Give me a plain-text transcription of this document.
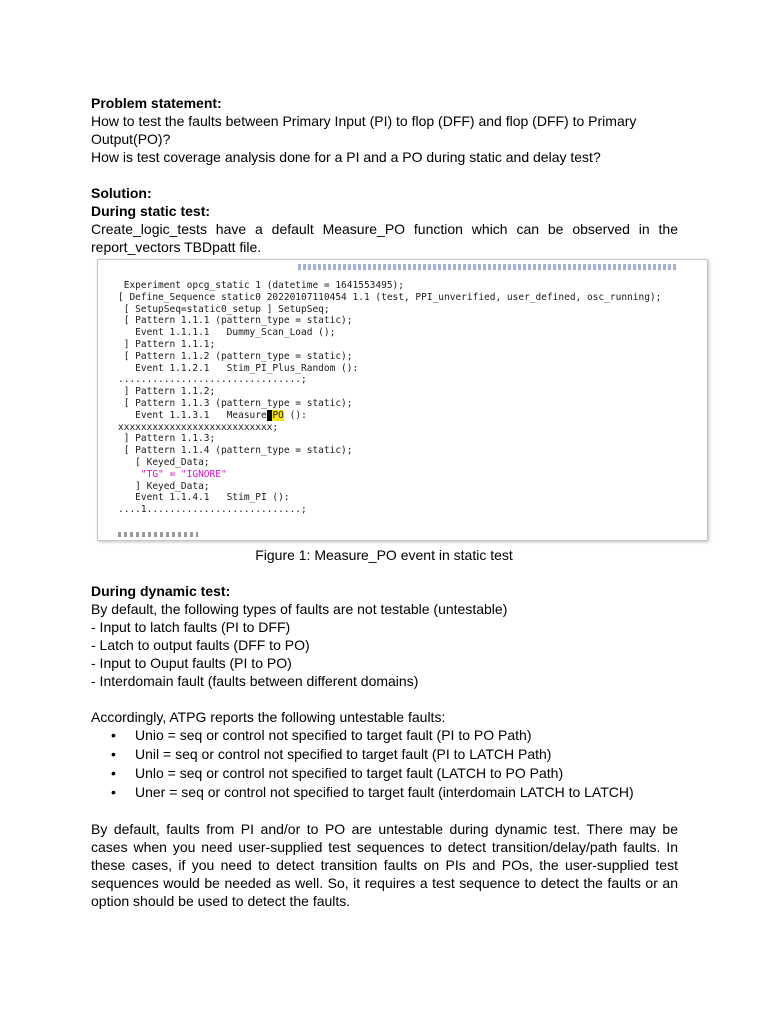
Problem statement:

How to test the faults between Primary Input (PI) to flop (DFF) and flop (DFF) to Primary Output(PO)?

How is test coverage analysis done for a PI and a PO during static and delay test?

Solution:

During static test:

Create_logic_tests have a default Measure_PO function which can be observed in the report_vectors TBDpatt file.

Experiment opcg_static 1 (datetime = 1641553495);
[ Define_Sequence static0 20220107110454 1.1 (test, PPI_unverified, user_defined, osc_running);
[ SetupSeq=static0_setup ] SetupSeq;
[ Pattern 1.1.1 (pattern_type = static);
Event 1.1.1.1   Dummy_Scan_Load ();
] Pattern 1.1.1;
[ Pattern 1.1.2 (pattern_type = static);
Event 1.1.2.1   Stim_PI_Plus_Random ():
................................;
] Pattern 1.1.2;
[ Pattern 1.1.3 (pattern_type = static);
Event 1.1.3.1   Measure_PO ():
xxxxxxxxxxxxxxxxxxxxxxxxxxx;
] Pattern 1.1.3;
[ Pattern 1.1.4 (pattern_type = static);
[ Keyed_Data;
"TG" = "IGNORE"
] Keyed_Data;
Event 1.1.4.1   Stim_PI ():
....1...........................;
Figure 1: Measure_PO event in static test

During dynamic test:

By default, the following types of faults are not testable (untestable)

- Input to latch faults (PI to DFF)

- Latch to output faults (DFF to PO)

- Input to Ouput faults (PI to PO)

- Interdomain fault (faults between different domains)

Accordingly, ATPG reports the following untestable faults:

• Unio = seq or control not specified to target fault (PI to PO Path)
• Unil = seq or control not specified to target fault (PI to LATCH Path)
• Unlo = seq or control not specified to target fault (LATCH to PO Path)
• Uner = seq or control not specified to target fault (interdomain LATCH to LATCH)

By default, faults from PI and/or to PO are untestable during dynamic test. There may be cases when you need user-supplied test sequences to detect transition/delay/path faults. In these cases, if you need to detect transition faults on PIs and POs, the user-supplied test sequences would be needed as well. So, it requires a test sequence to detect the faults or an option should be used to detect the faults.
